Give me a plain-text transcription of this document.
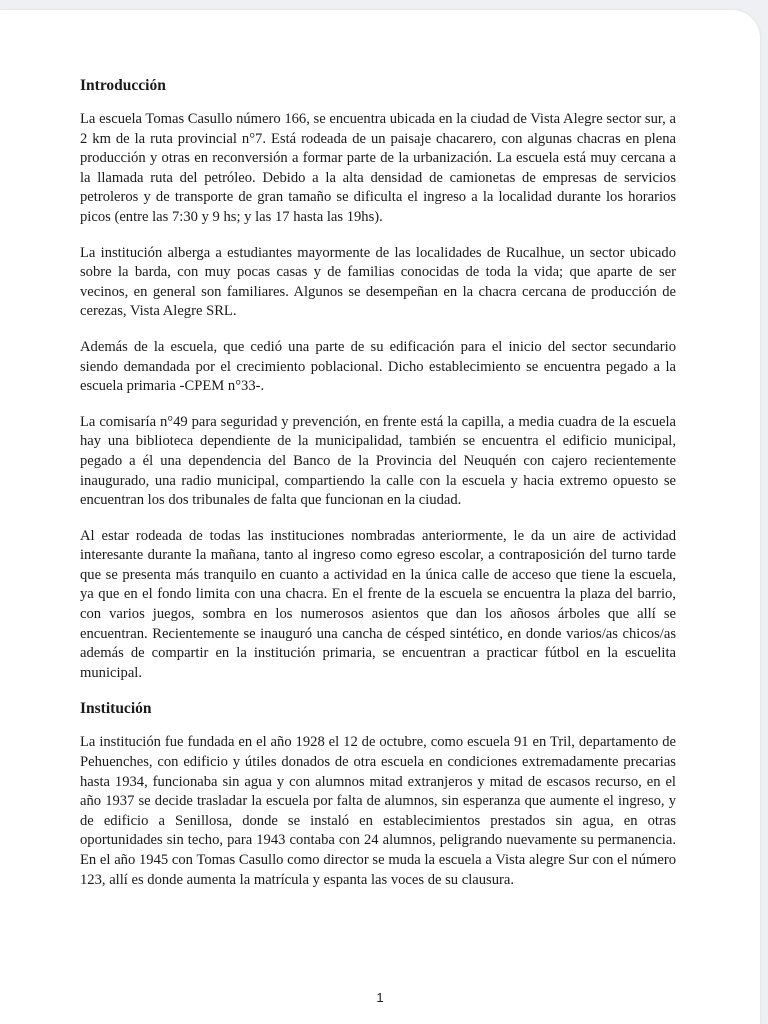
Introducción

La escuela Tomas Casullo número 166, se encuentra ubicada en la ciudad de Vista Alegre sector sur, a 2 km de la ruta provincial n°7. Está rodeada de un paisaje chacarero, con algunas chacras en plena producción y otras en reconversión a formar parte de la urbanización. La escuela está muy cercana a la llamada ruta del petróleo. Debido a la alta densidad de camionetas de empresas de servicios petroleros y de transporte de gran tamaño se dificulta el ingreso a la localidad durante los horarios picos (entre las 7:30 y 9 hs; y las 17 hasta las 19hs).

La institución alberga a estudiantes mayormente de las localidades de Rucalhue, un sector ubicado sobre la barda, con muy pocas casas y de familias conocidas de toda la vida; que aparte de ser vecinos, en general son familiares. Algunos se desempeñan en la chacra cercana de producción de cerezas, Vista Alegre SRL.

Además de la escuela, que cedió una parte de su edificación para el inicio del sector secundario siendo demandada por el crecimiento poblacional. Dicho establecimiento se encuentra pegado a la escuela primaria -CPEM n°33-.

La comisaría n°49 para seguridad y prevención, en frente está la capilla, a media cuadra de la escuela hay una biblioteca dependiente de la municipalidad, también se encuentra el edificio municipal, pegado a él una dependencia del Banco de la Provincia del Neuquén con cajero recientemente inaugurado, una radio municipal, compartiendo la calle con la escuela y hacia extremo opuesto se encuentran los dos tribunales de falta que funcionan en la ciudad.

Al estar rodeada de todas las instituciones nombradas anteriormente, le da un aire de actividad interesante durante la mañana, tanto al ingreso como egreso escolar, a contraposición del turno tarde que se presenta más tranquilo en cuanto a actividad en la única calle de acceso que tiene la escuela, ya que en el fondo limita con una chacra. En el frente de la escuela se encuentra la plaza del barrio, con varios juegos, sombra en los numerosos asientos que dan los añosos árboles que allí se encuentran. Recientemente se inauguró una cancha de césped sintético, en donde varios/as chicos/as además de compartir en la institución primaria, se encuentran a practicar fútbol en la escuelita municipal.

Institución

La institución fue fundada en el año 1928 el 12 de octubre, como escuela 91 en Tril, departamento de Pehuenches, con edificio y útiles donados de otra escuela en condiciones extremadamente precarias hasta 1934, funcionaba sin agua y con alumnos mitad extranjeros y mitad de escasos recurso, en el año 1937 se decide trasladar la escuela por falta de alumnos, sin esperanza que aumente el ingreso, y de edificio a Senillosa, donde se instaló en establecimientos prestados sin agua, en otras oportunidades sin techo, para 1943 contaba con 24 alumnos, peligrando nuevamente su permanencia. En el año 1945 con Tomas Casullo como director se muda la escuela a Vista alegre Sur con el número 123, allí es donde aumenta la matrícula y espanta las voces de su clausura.

1
